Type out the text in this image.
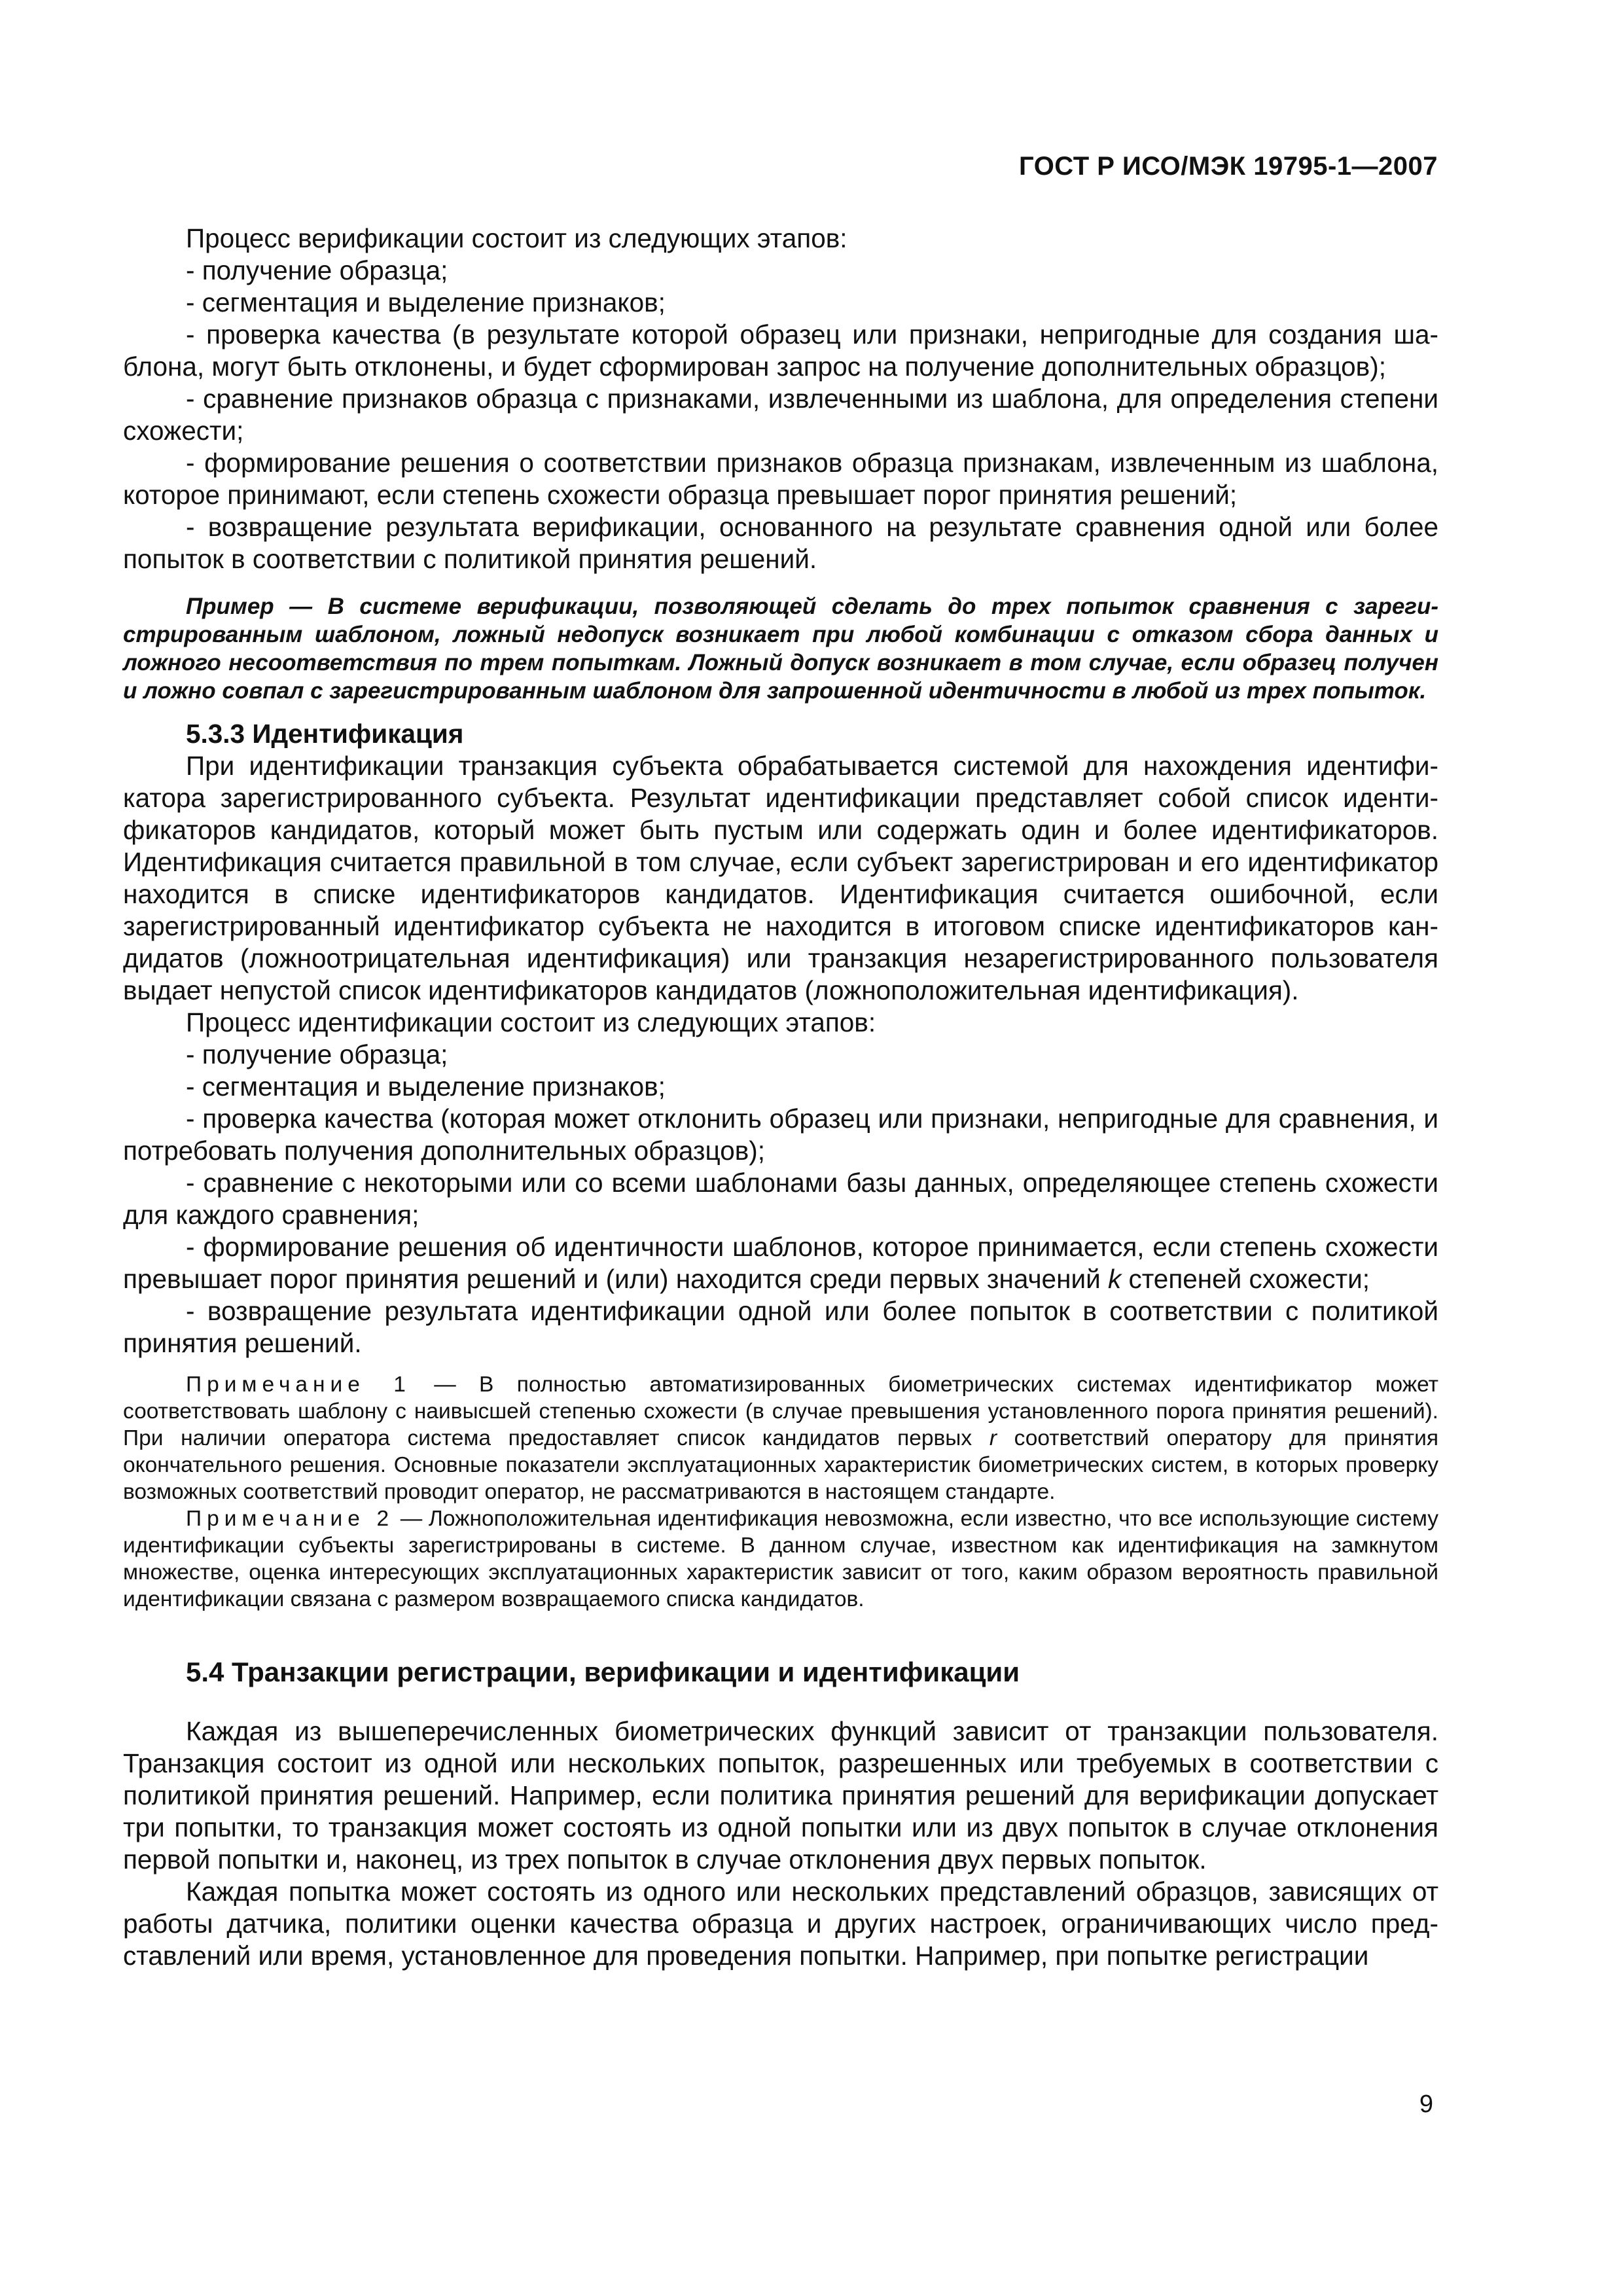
ГОСТ Р ИСО/МЭК 19795-1—2007

Процесс верификации состоит из следующих этапов:

- получение образца;

- сегментация и выделение признаков;

- проверка качества (в результате которой образец или признаки, непригодные для создания шаблона, могут быть отклонены, и будет сформирован запрос на получение дополнительных образцов);

- сравнение признаков образца с признаками, извлеченными из шаблона, для определения степени схожести;

- формирование решения о соответствии признаков образца признакам, извлеченным из шаблона, которое принимают, если степень схожести образца превышает порог принятия решений;

- возвращение результата верификации, основанного на результате сравнения одной или более попыток в соответствии с политикой принятия решений.

Пример — В системе верификации, позволяющей сделать до трех попыток сравнения с зарегистрированным шаблоном, ложный недопуск возникает при любой комбинации с отказом сбора данных и ложного несоответствия по трем попыткам. Ложный допуск возникает в том случае, если образец получен и ложно совпал с зарегистрированным шаблоном для запрошенной идентичности в любой из трех попыток.

5.3.3 Идентификация

При идентификации транзакция субъекта обрабатывается системой для нахождения идентификатора зарегистрированного субъекта. Результат идентификации представляет собой список идентификаторов кандидатов, который может быть пустым или содержать один и более идентификаторов. Идентификация считается правильной в том случае, если субъект зарегистрирован и его идентификатор находится в списке идентификаторов кандидатов. Идентификация считается ошибочной, если зарегистрированный идентификатор субъекта не находится в итоговом списке идентификаторов кандидатов (ложноотрицательная идентификация) или транзакция незарегистрированного пользователя выдает непустой список идентификаторов кандидатов (ложноположительная идентификация).

Процесс идентификации состоит из следующих этапов:

- получение образца;

- сегментация и выделение признаков;

- проверка качества (которая может отклонить образец или признаки, непригодные для сравнения, и потребовать получения дополнительных образцов);

- сравнение с некоторыми или со всеми шаблонами базы данных, определяющее степень схожести для каждого сравнения;

- формирование решения об идентичности шаблонов, которое принимается, если степень схожести превышает порог принятия решений и (или) находится среди первых значений k степеней схожести;

- возвращение результата идентификации одной или более попыток в соответствии с политикой принятия решений.

Примечание 1 — В полностью автоматизированных биометрических системах идентификатор может соответствовать шаблону с наивысшей степенью схожести (в случае превышения установленного порога принятия решений). При наличии оператора система предоставляет список кандидатов первых r соответствий оператору для принятия окончательного решения. Основные показатели эксплуатационных характеристик биометрических систем, в которых проверку возможных соответствий проводит оператор, не рассматриваются в настоящем стандарте.

Примечание 2 — Ложноположительная идентификация невозможна, если известно, что все использующие систему идентификации субъекты зарегистрированы в системе. В данном случае, известном как идентификация на замкнутом множестве, оценка интересующих эксплуатационных характеристик зависит от того, каким образом вероятность правильной идентификации связана с размером возвращаемого списка кандидатов.

5.4 Транзакции регистрации, верификации и идентификации

Каждая из вышеперечисленных биометрических функций зависит от транзакции пользователя. Транзакция состоит из одной или нескольких попыток, разрешенных или требуемых в соответствии с политикой принятия решений. Например, если политика принятия решений для верификации допускает три попытки, то транзакция может состоять из одной попытки или из двух попыток в случае отклонения первой попытки и, наконец, из трех попыток в случае отклонения двух первых попыток.

Каждая попытка может состоять из одного или нескольких представлений образцов, зависящих от работы датчика, политики оценки качества образца и других настроек, ограничивающих число представлений или время, установленное для проведения попытки. Например, при попытке регистрации

9
